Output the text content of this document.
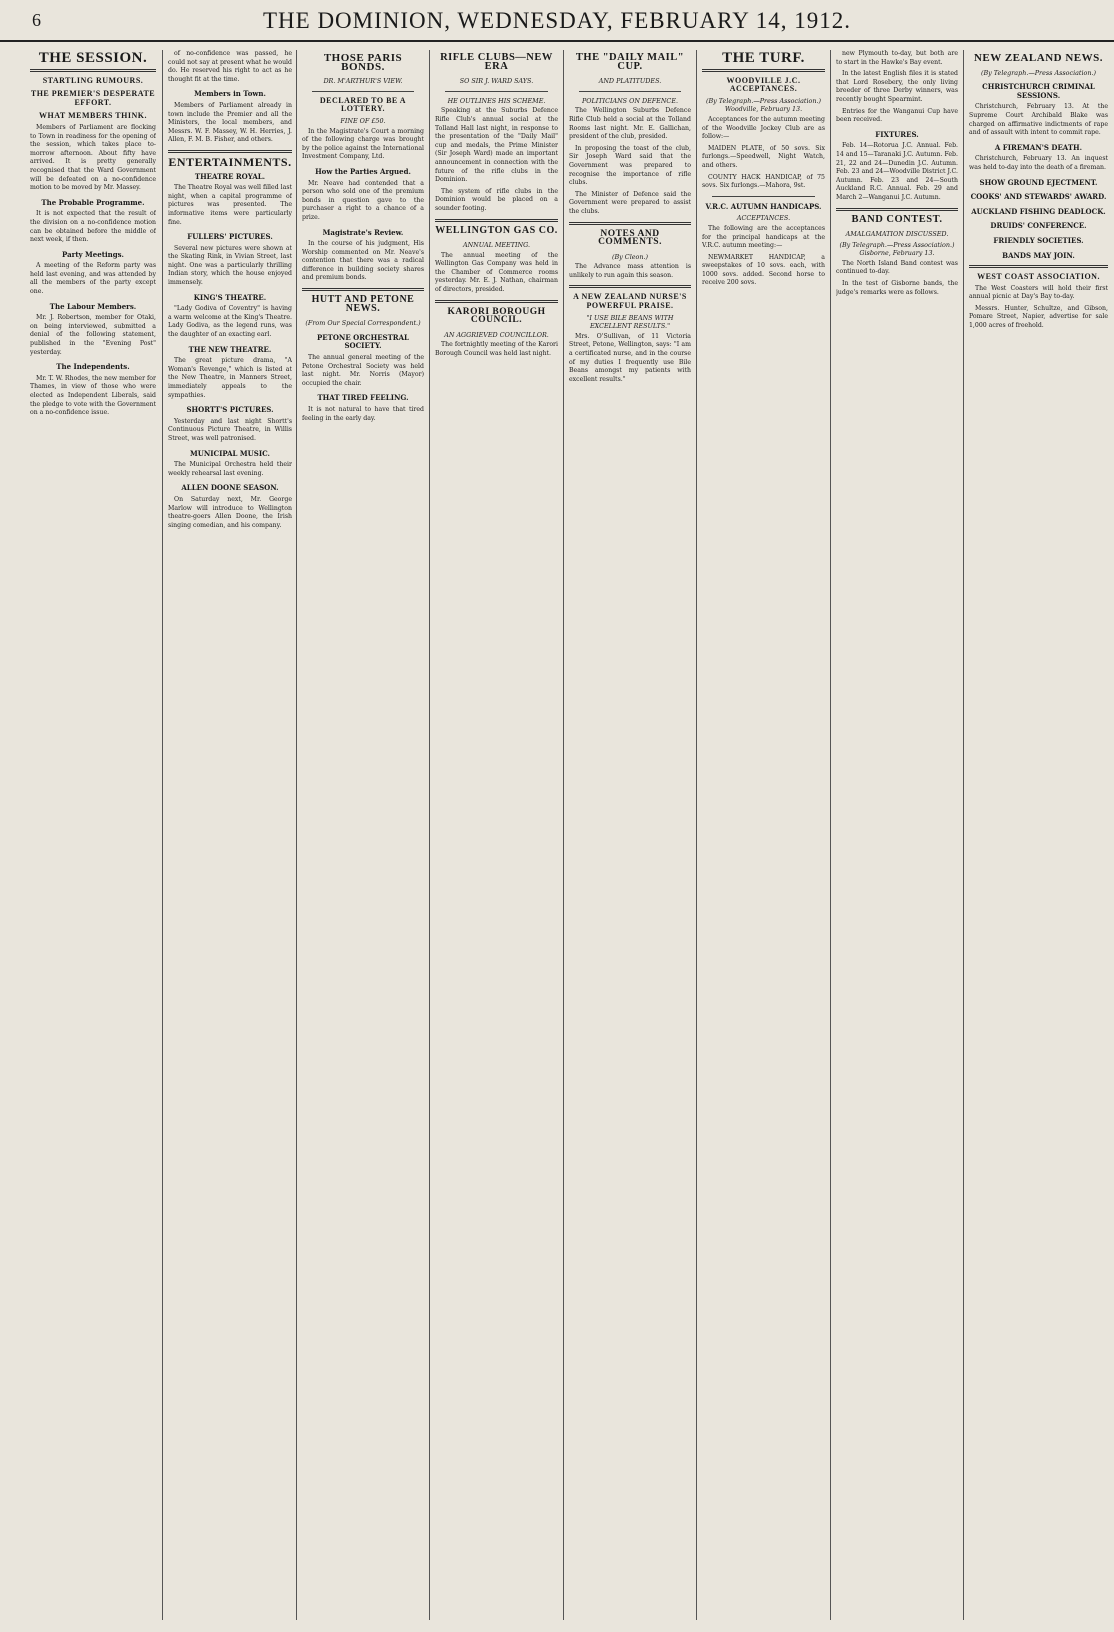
6	THE DOMINION, WEDNESDAY, FEBRUARY 14, 1912.
THE SESSION.
STARTLING RUMOURS.
THE PREMIER'S DESPERATE EFFORT.
WHAT MEMBERS THINK.

Members of Parliament are flocking to Town in readiness for the opening of the session, which takes place to-morrow afternoon. About fifty have arrived. It is pretty generally recognised that the Ward Government will be defeated on a no-confidence motion to be moved by Mr. Massey.

The Probable Programme.

It is not expected that the result of the division on a no-confidence motion can be obtained before the middle of next week, if then.

Party Meetings.

A meeting of the Reform party was held last evening, and was attended by all the members of the party except one.

The Labour Members.

Mr. J. Robertson, member for Otaki, on being interviewed, submitted a denial of the following statement, published in the "Evening Post" yesterday.

The Independents.

Mr. T. W. Rhodes, the new member for Thames, in view of those who were elected as Independent Liberals, said the pledge to vote with the Government on a no-confidence issue.

of no-confidence was passed, he could not say at present what he would do. He reserved his right to act as he thought fit at the time.

Members in Town.

Members of Parliament already in town include the Premier and all the Ministers, the local members, and Messrs. W. F. Massey, W. H. Herries, J. Allen, F. M. B. Fisher, and others.

ENTERTAINMENTS.
THEATRE ROYAL.

The Theatre Royal was well filled last night, when a capital programme of pictures was presented. The informative items were particularly fine.

FULLERS' PICTURES.

Several new pictures were shown at the Skating Rink, in Vivian Street, last night. One was a particularly thrilling Indian story, which the house enjoyed immensely.

KING'S THEATRE.

"Lady Godiva of Coventry" is having a warm welcome at the King's Theatre. Lady Godiva, as the legend runs, was the daughter of an exacting earl.

THE NEW THEATRE.

The great picture drama, "A Woman's Revenge," which is listed at the New Theatre, in Manners Street, immediately appeals to the sympathies.

SHORTT'S PICTURES.

Yesterday and last night Shortt's Continuous Picture Theatre, in Willis Street, was well patronised.

MUNICIPAL MUSIC.

The Municipal Orchestra held their weekly rehearsal last evening.

ALLEN DOONE SEASON.

On Saturday next, Mr. George Marlow will introduce to Wellington theatre-goers Allen Doone, the Irish singing comedian, and his company.

THOSE PARIS BONDS.
DR. M'ARTHUR'S VIEW.
DECLARED TO BE A LOTTERY.
FINE OF £50.

In the Magistrate's Court a morning of the following charge was brought by the police against the International Investment Company, Ltd.

How the Parties Argued.

Mr. Neave had contended that a person who sold one of the premium bonds in question gave to the purchaser a right to a chance of a prize.

Magistrate's Review.

In the course of his judgment, His Worship commented on Mr. Neave's contention that there was a radical difference in building society shares and premium bonds.

HUTT AND PETONE NEWS.
(From Our Special Correspondent.)
PETONE ORCHESTRAL SOCIETY.

The annual general meeting of the Petone Orchestral Society was held last night. Mr. Norris (Mayor) occupied the chair.

THAT TIRED FEELING.

It is not natural to have that tired feeling in the early day.

RIFLE CLUBS—NEW ERA
SO SIR J. WARD SAYS.
HE OUTLINES HIS SCHEME.

Speaking at the Suburbs Defence Rifle Club's annual social at the Tolland Hall last night, in response to the presentation of the "Daily Mail" cup and medals, the Prime Minister (Sir Joseph Ward) made an important announcement in connection with the future of the rifle clubs in the Dominion.

The system of rifle clubs in the Dominion would be placed on a sounder footing.

WELLINGTON GAS CO.
ANNUAL MEETING.

The annual meeting of the Wellington Gas Company was held in the Chamber of Commerce rooms yesterday. Mr. E. J. Nathan, chairman of directors, presided.

KARORI BOROUGH COUNCIL.
AN AGGRIEVED COUNCILLOR.

The fortnightly meeting of the Karori Borough Council was held last night.

THE "DAILY MAIL" CUP.
AND PLATITUDES.
POLITICIANS ON DEFENCE.

The Wellington Suburbs Defence Rifle Club held a social at the Tolland Rooms last night. Mr. E. Gallichan, president of the club, presided.

In proposing the toast of the club, Sir Joseph Ward said that the Government was prepared to recognise the importance of rifle clubs.

The Minister of Defence said the Government were prepared to assist the clubs.

NOTES AND COMMENTS.
(By Cleon.)

The Advance mass attention is unlikely to run again this season.

A NEW ZEALAND NURSE'S POWERFUL PRAISE.
"I USE BILE BEANS WITH EXCELLENT RESULTS."

Mrs. O'Sullivan, of 11 Victoria Street, Petone, Wellington, says: "I am a certificated nurse, and in the course of my duties I frequently use Bile Beans amongst my patients with excellent results."

THE TURF.
WOODVILLE J.C. ACCEPTANCES.
(By Telegraph.—Press Association.) Woodville, February 13.

Acceptances for the autumn meeting of the Woodville Jockey Club are as follow:—

MAIDEN PLATE, of 50 sovs. Six furlongs.—Speedwell, Night Watch, and others.

COUNTY HACK HANDICAP, of 75 sovs. Six furlongs.—Mahora, 9st.

V.R.C. AUTUMN HANDICAPS.
ACCEPTANCES.

The following are the acceptances for the principal handicaps at the V.R.C. autumn meeting:—

NEWMARKET HANDICAP, a sweepstakes of 10 sovs. each, with 1000 sovs. added. Second horse to receive 200 sovs.

new Plymouth to-day, but both are to start in the Hawke's Bay event.

In the latest English files it is stated that Lord Rosebery, the only living breeder of three Derby winners, was recently bought Spearmint.

Entries for the Wanganui Cup have been received.

FIXTURES.

Feb. 14—Rotorua J.C. Annual. Feb. 14 and 15—Taranaki J.C. Autumn. Feb. 21, 22 and 24—Dunedin J.C. Autumn. Feb. 23 and 24—Woodville District J.C. Autumn. Feb. 23 and 24—South Auckland R.C. Annual. Feb. 29 and March 2—Wanganui J.C. Autumn.

BAND CONTEST.
AMALGAMATION DISCUSSED.
(By Telegraph.—Press Association.) Gisborne, February 13.

The North Island Band contest was continued to-day.

In the test of Gisborne bands, the judge's remarks were as follows.

NEW ZEALAND NEWS.
(By Telegraph.—Press Association.)
CHRISTCHURCH CRIMINAL SESSIONS.

Christchurch, February 13. At the Supreme Court Archibald Blake was charged on affirmative indictments of rape and of assault with intent to commit rape.

A FIREMAN'S DEATH.

Christchurch, February 13. An inquest was held to-day into the death of a fireman.

SHOW GROUND EJECTMENT.

COOKS' AND STEWARDS' AWARD.

AUCKLAND FISHING DEADLOCK.

DRUIDS' CONFERENCE.

FRIENDLY SOCIETIES.

BANDS MAY JOIN.

WEST COAST ASSOCIATION.

The West Coasters will hold their first annual picnic at Day's Bay to-day.

Messrs. Hunter, Schultze, and Gibson, Pomare Street, Napier, advertise for sale 1,000 acres of freehold.
